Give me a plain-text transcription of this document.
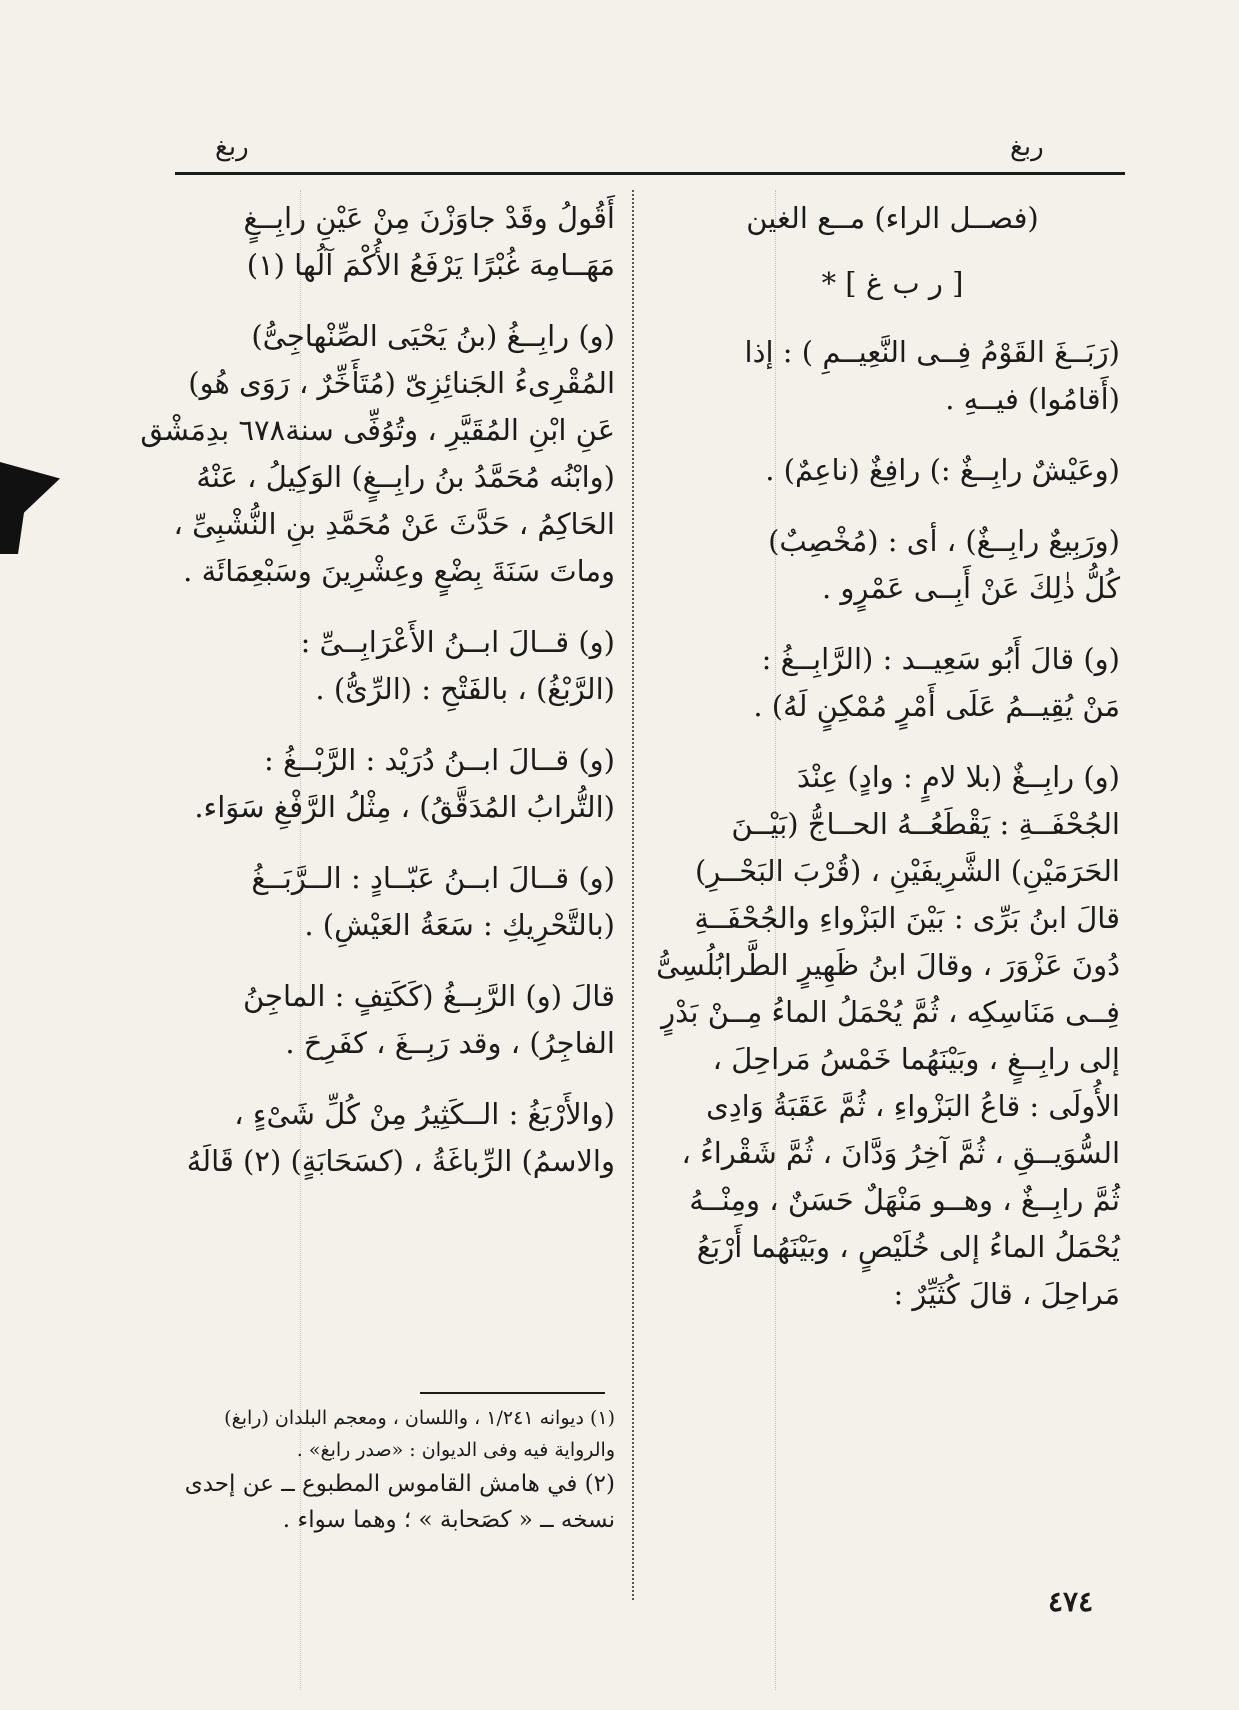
ربغ
ربغ
(فصــل الراء) مــع الغين
[ ر ب غ ] *
(رَبَــغَ القَوْمُ فِــى النَّعِيــمِ ) : إذا
(أَقامُوا) فيــهِ .
(وعَيْشٌ رابِــغٌ :) رافِغٌ (ناعِمٌ) .
(ورَبِيعٌ رابِــغٌ) ، أى : (مُخْصِبٌ)
كُلُّ ذٰلِكَ عَنْ أَبِــى عَمْرٍو .
(و) قالَ أَبُو سَعِيــد : (الرَّابِــغُ :
مَنْ يُقِيــمُ عَلَى أَمْرٍ مُمْكِنٍ لَهُ) .
(و) رابِــغٌ (بلا لامٍ : وادٍ) عِنْدَ
الجُحْفَــةِ : يَقْطَعُــهُ الحــاجُّ (بَيْــنَ
الحَرَمَيْنِ) الشَّرِيفَيْنِ ، (قُرْبَ البَحْــرِ)
قالَ ابنُ بَرِّى : بَيْنَ البَزْواءِ والجُحْفَــةِ
دُونَ عَزْوَرَ ، وقالَ ابنُ ظَهِيرٍ الطَّرابُلُسِىُّ
فِــى مَنَاسِكِه ، ثُمَّ يُحْمَلُ الماءُ مِــنْ بَدْرٍ
إلى رابِــغٍ ، وبَيْنَهُما خَمْسُ مَراحِلَ ،
الأُولَى : قاعُ البَزْواءِ ، ثُمَّ عَقَبَةُ وَادِى
السُّوَيــقِ ، ثُمَّ آخِرُ وَدَّانَ ، ثُمَّ شَقْراءُ ،
ثُمَّ رابِــغٌ ، وهــو مَنْهَلٌ حَسَنٌ ، ومِنْــهُ
يُحْمَلُ الماءُ إلى خُلَيْصٍ ، وبَيْنَهُما أَرْبَعُ
مَراحِلَ ، قالَ كُثَيِّرٌ :
أَقُولُ وقَدْ جاوَزْنَ مِنْ عَيْنِ رابِــغٍ
مَهَــامِهَ غُبْرًا يَرْفَعُ الأُكْمَ آلُها (١)
(و) رابِــغُ (بنُ يَحْيَى الصِّنْهاجِىُّ)
المُقْرِىءُ الجَنائِزِىّ (مُتَأَخِّرٌ ، رَوَى هُو)
عَنِ ابْنِ المُقَيَّرِ ، وتُوُفِّى سنة٦٧٨ بدِمَشْق
(وابْنُه مُحَمَّدُ بنُ رابِــغٍ) الوَكِيلُ ، عَنْهُ
الحَاكِمُ ، حَدَّثَ عَنْ مُحَمَّدِ بنِ النُّشْبِىِّ ،
وماتَ سَنَةَ بِضْعٍ وعِشْرِينَ وسَبْعِمَائَة .
(و) قــالَ ابــنُ الأَعْرَابِــىِّ :
(الرَّبْغُ) ، بالفَتْحِ : (الرِّىُّ) .
(و) قــالَ ابــنُ دُرَيْد : الرَّبْــغُ :
(التُّرابُ المُدَقَّقُ) ، مِثْلُ الرَّفْغِ سَوَاء.
(و) قــالَ ابــنُ عَبّــادٍ : الــرَّبَــغُ
(بالتَّحْرِيكِ : سَعَةُ العَيْشِ) .
قالَ (و) الرَّبِــغُ (كَكَتِفٍ : الماجِنُ
الفاجِرُ) ، وقد رَبِــغَ ، كفَرِحَ .
(والأَرْبَغُ : الــكَثِيرُ مِنْ كُلِّ شَىْءٍ ،
والاسمُ) الرِّباغَةُ ، (كسَحَابَةٍ) (٢) قَالَهُ
(١) ديوانه ١/٢٤١ ، واللسان ، ومعجم البلدان (رابغ)
والرواية فيه وفى الديوان : «صدر رابغ» .
(٢) في هامش القاموس المطبوع ــ عن إحدى
نسخه ــ « كصَحابة » ؛ وهما سواء .
٤٧٤
